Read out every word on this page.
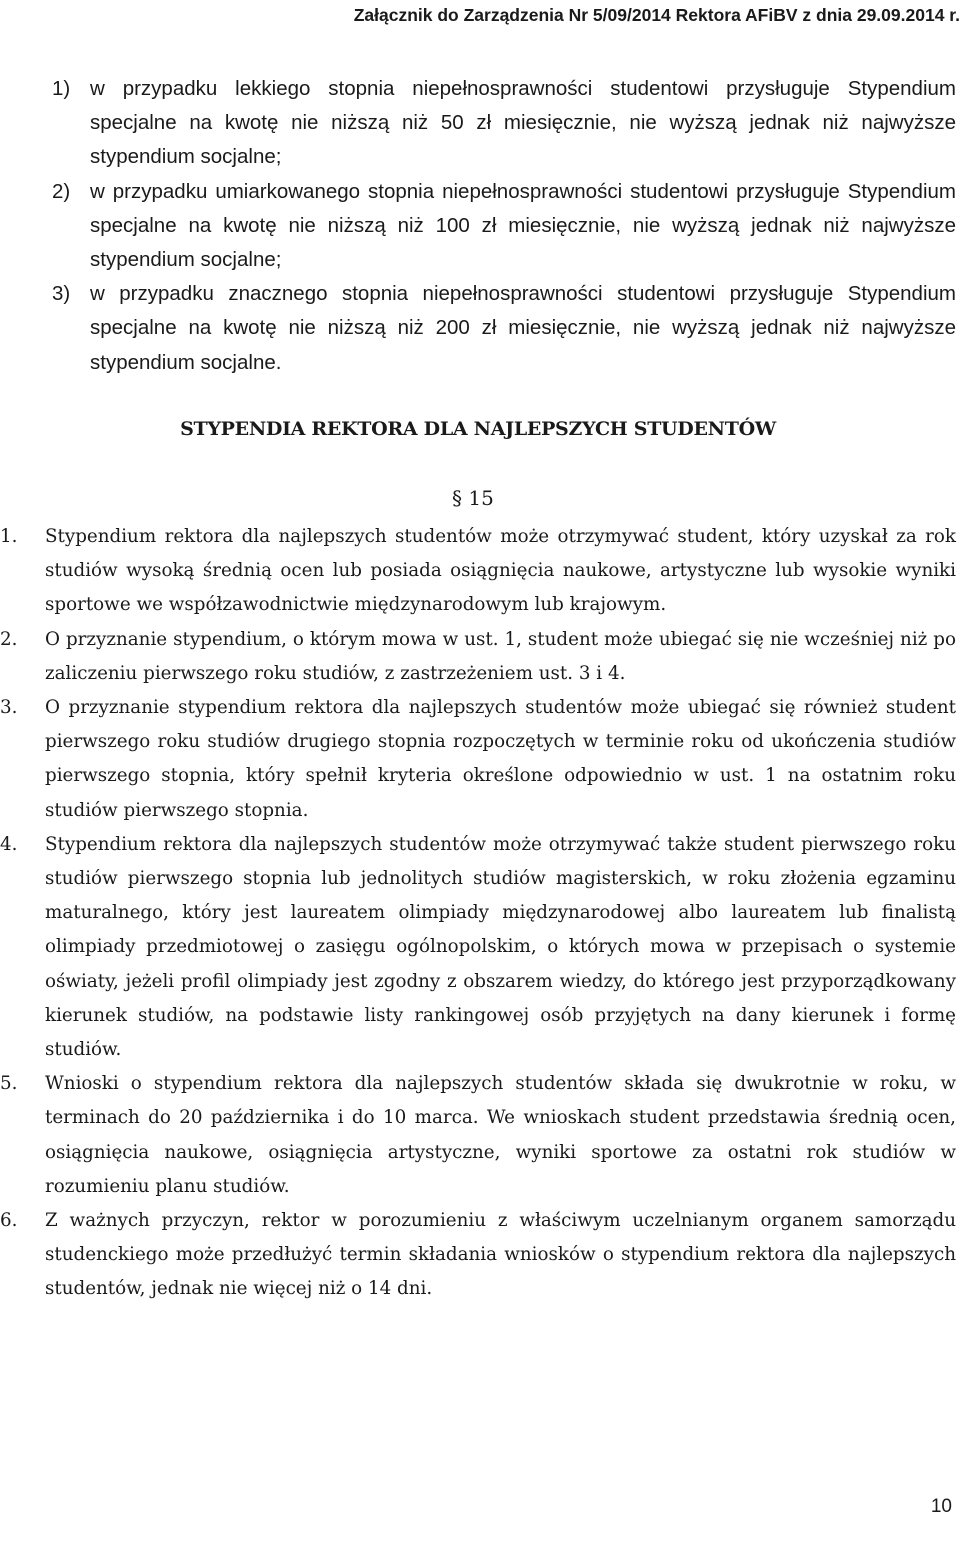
Załącznik do Zarządzenia Nr 5/09/2014 Rektora AFiBV z dnia 29.09.2014 r.
1) w przypadku lekkiego stopnia niepełnosprawności studentowi przysługuje Stypendium specjalne na kwotę nie niższą niż 50 zł miesięcznie, nie wyższą jednak niż najwyższe stypendium socjalne;
2) w przypadku umiarkowanego stopnia niepełnosprawności studentowi przysługuje Stypendium specjalne na kwotę nie niższą niż 100 zł miesięcznie, nie wyższą jednak niż najwyższe stypendium socjalne;
3) w przypadku znacznego stopnia niepełnosprawności studentowi przysługuje Stypendium specjalne na kwotę nie niższą niż 200 zł miesięcznie, nie wyższą jednak niż najwyższe stypendium socjalne.
STYPENDIA REKTORA DLA NAJLEPSZYCH STUDENTÓW
§ 15
1.	Stypendium rektora dla najlepszych studentów może otrzymywać student, który uzyskał za rok studiów wysoką średnią ocen lub posiada osiągnięcia naukowe, artystyczne lub wysokie wyniki sportowe we współzawodnictwie międzynarodowym lub krajowym.
2.	O przyznanie stypendium, o którym mowa w ust. 1, student może ubiegać się nie wcześniej niż po zaliczeniu pierwszego roku studiów, z zastrzeżeniem ust. 3 i 4.
3.	O przyznanie stypendium rektora dla najlepszych studentów może ubiegać się również student pierwszego roku studiów drugiego stopnia rozpoczętych w terminie roku od ukończenia studiów pierwszego stopnia, który spełnił kryteria określone odpowiednio w ust. 1 na ostatnim roku studiów pierwszego stopnia.
4.	Stypendium rektora dla najlepszych studentów może otrzymywać także student pierwszego roku studiów pierwszego stopnia lub jednolitych studiów magisterskich, w roku złożenia egzaminu maturalnego, który jest laureatem olimpiady międzynarodowej albo laureatem lub finalistą olimpiady przedmiotowej o zasięgu ogólnopolskim, o których mowa w przepisach o systemie oświaty, jeżeli profil olimpiady jest zgodny z obszarem wiedzy, do którego jest przyporządkowany kierunek studiów, na podstawie listy rankingowej osób przyjętych na dany kierunek i formę studiów.
5.	Wnioski o stypendium rektora dla najlepszych studentów składa się dwukrotnie w roku, w terminach do 20 października i do 10 marca. We wnioskach student przedstawia średnią ocen, osiągnięcia naukowe, osiągnięcia artystyczne, wyniki sportowe za ostatni rok studiów w rozumieniu planu studiów.
6.	Z ważnych przyczyn, rektor w porozumieniu z właściwym uczelnianym organem samorządu studenckiego może przedłużyć termin składania wniosków o stypendium rektora dla najlepszych studentów, jednak nie więcej niż o 14 dni.
10
